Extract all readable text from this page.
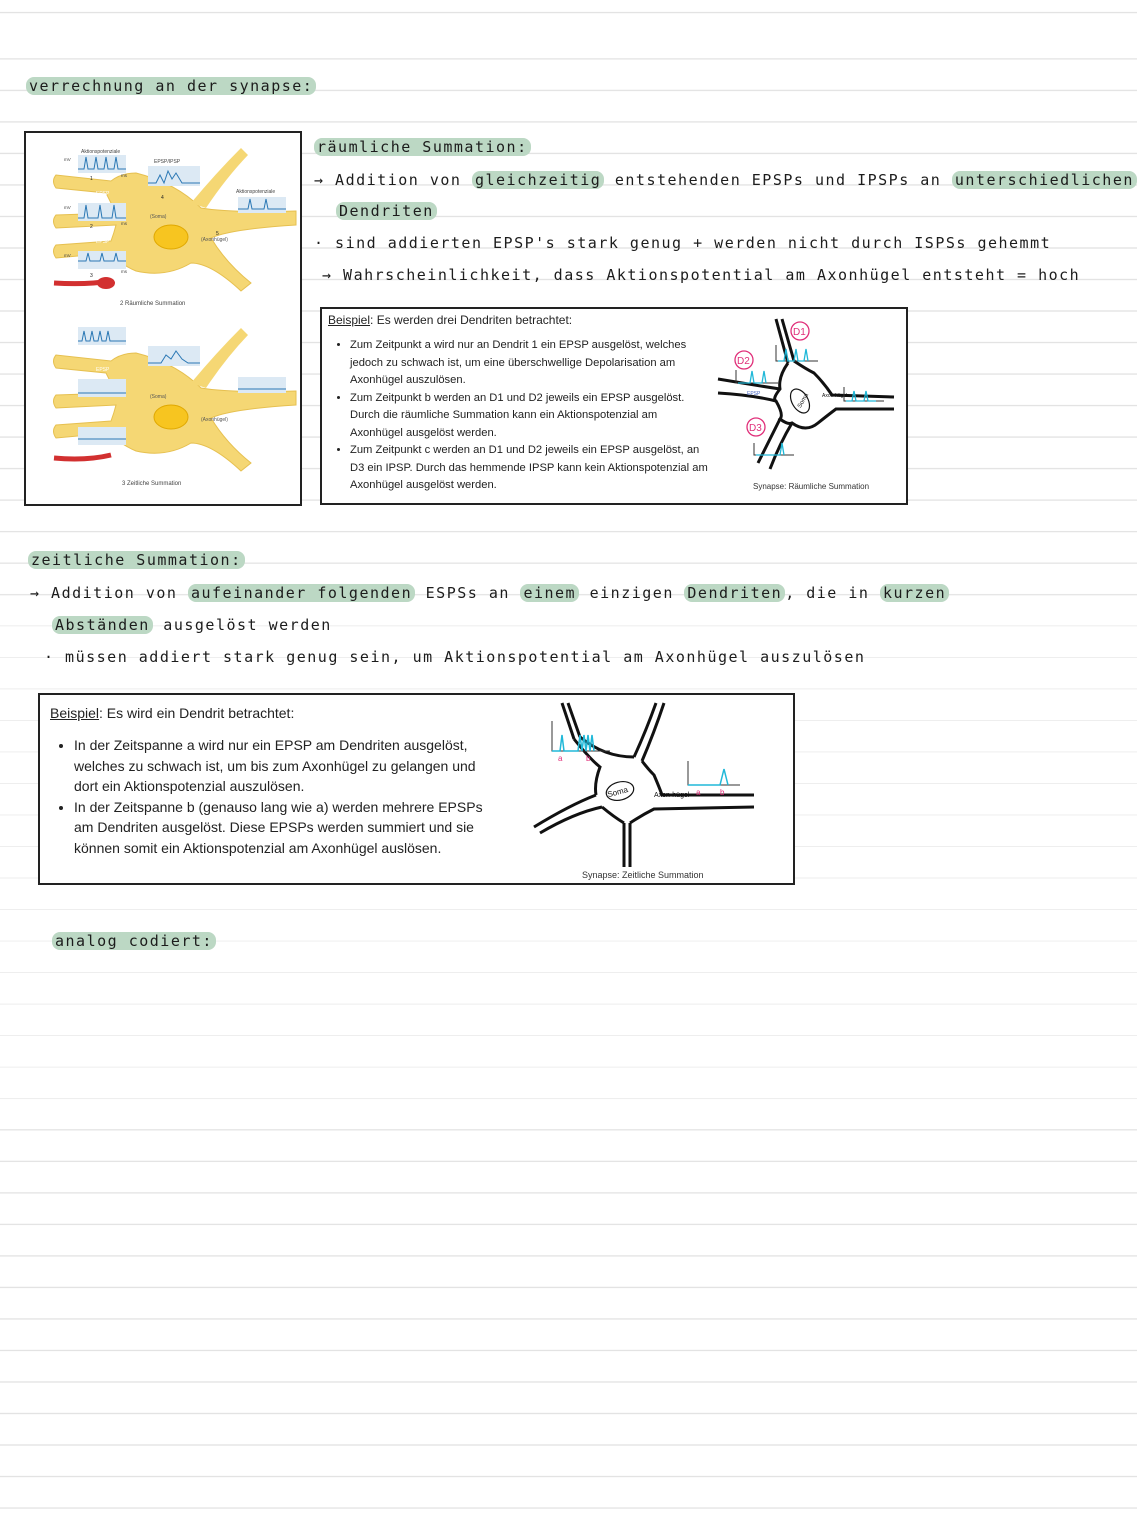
verrechnung an der synapse:
Aktionspotenziale
EPSP/IPSP
Aktionspotenziale
(Soma)
(Axonhügel)
EPSP
EPSP
IPSP
mV
mV
mV
ms
ms
ms
1
2
3
4
5
2 Räumliche Summation
EPSP
(Soma)
(Axonhügel)
3 Zeitliche Summation
räumliche Summation:
→ Addition von gleichzeitig entstehenden EPSPs und IPSPs an unterschiedlichen
Dendriten
· sind addierten EPSP's stark genug + werden nicht durch ISPSs gehemmt
→ Wahrscheinlichkeit, dass Aktionspotential am Axonhügel entsteht = hoch
Beispiel: Es werden drei Dendriten betrachtet:
• Zum Zeitpunkt a wird nur an Dendrit 1 ein EPSP ausgelöst, welches jedoch zu schwach ist, um eine überschwellige Depolarisation am Axonhügel auszulösen.
• Zum Zeitpunkt b werden an D1 und D2 jeweils ein EPSP ausgelöst. Durch die räumliche Summation kann ein Aktionspotenzial am Axonhügel ausgelöst werden.
• Zum Zeitpunkt c werden an D1 und D2 jeweils ein EPSP ausgelöst, an D3 ein IPSP. Durch das hemmende IPSP kann kein Aktionspotenzial am Axonhügel ausgelöst werden.
Soma Axon-hügel
EPSP
D1
D2
D3
Synapse: Räumliche Summation
zeitliche Summation:
→ Addition von aufeinander folgenden ESPSs an einem einzigen Dendriten , die in kurzen
Abständen ausgelöst werden
· müssen addiert stark genug sein, um Aktionspotential am Axonhügel auszulösen
Beispiel: Es wird ein Dendrit betrachtet:
• In der Zeitspanne a wird nur ein EPSP am Dendriten ausgelöst, welches zu schwach ist, um bis zum Axonhügel zu gelangen und dort ein Aktionspotenzial auszulösen.
• In der Zeitspanne b (genauso lang wie a) werden mehrere EPSPs am Dendriten ausgelöst. Diese EPSPs werden summiert und sie können somit ein Aktionspotenzial am Axonhügel auslösen.
Soma	Axon-hügel
a	b
a b
Synapse: Zeitliche Summation
analog codiert:
